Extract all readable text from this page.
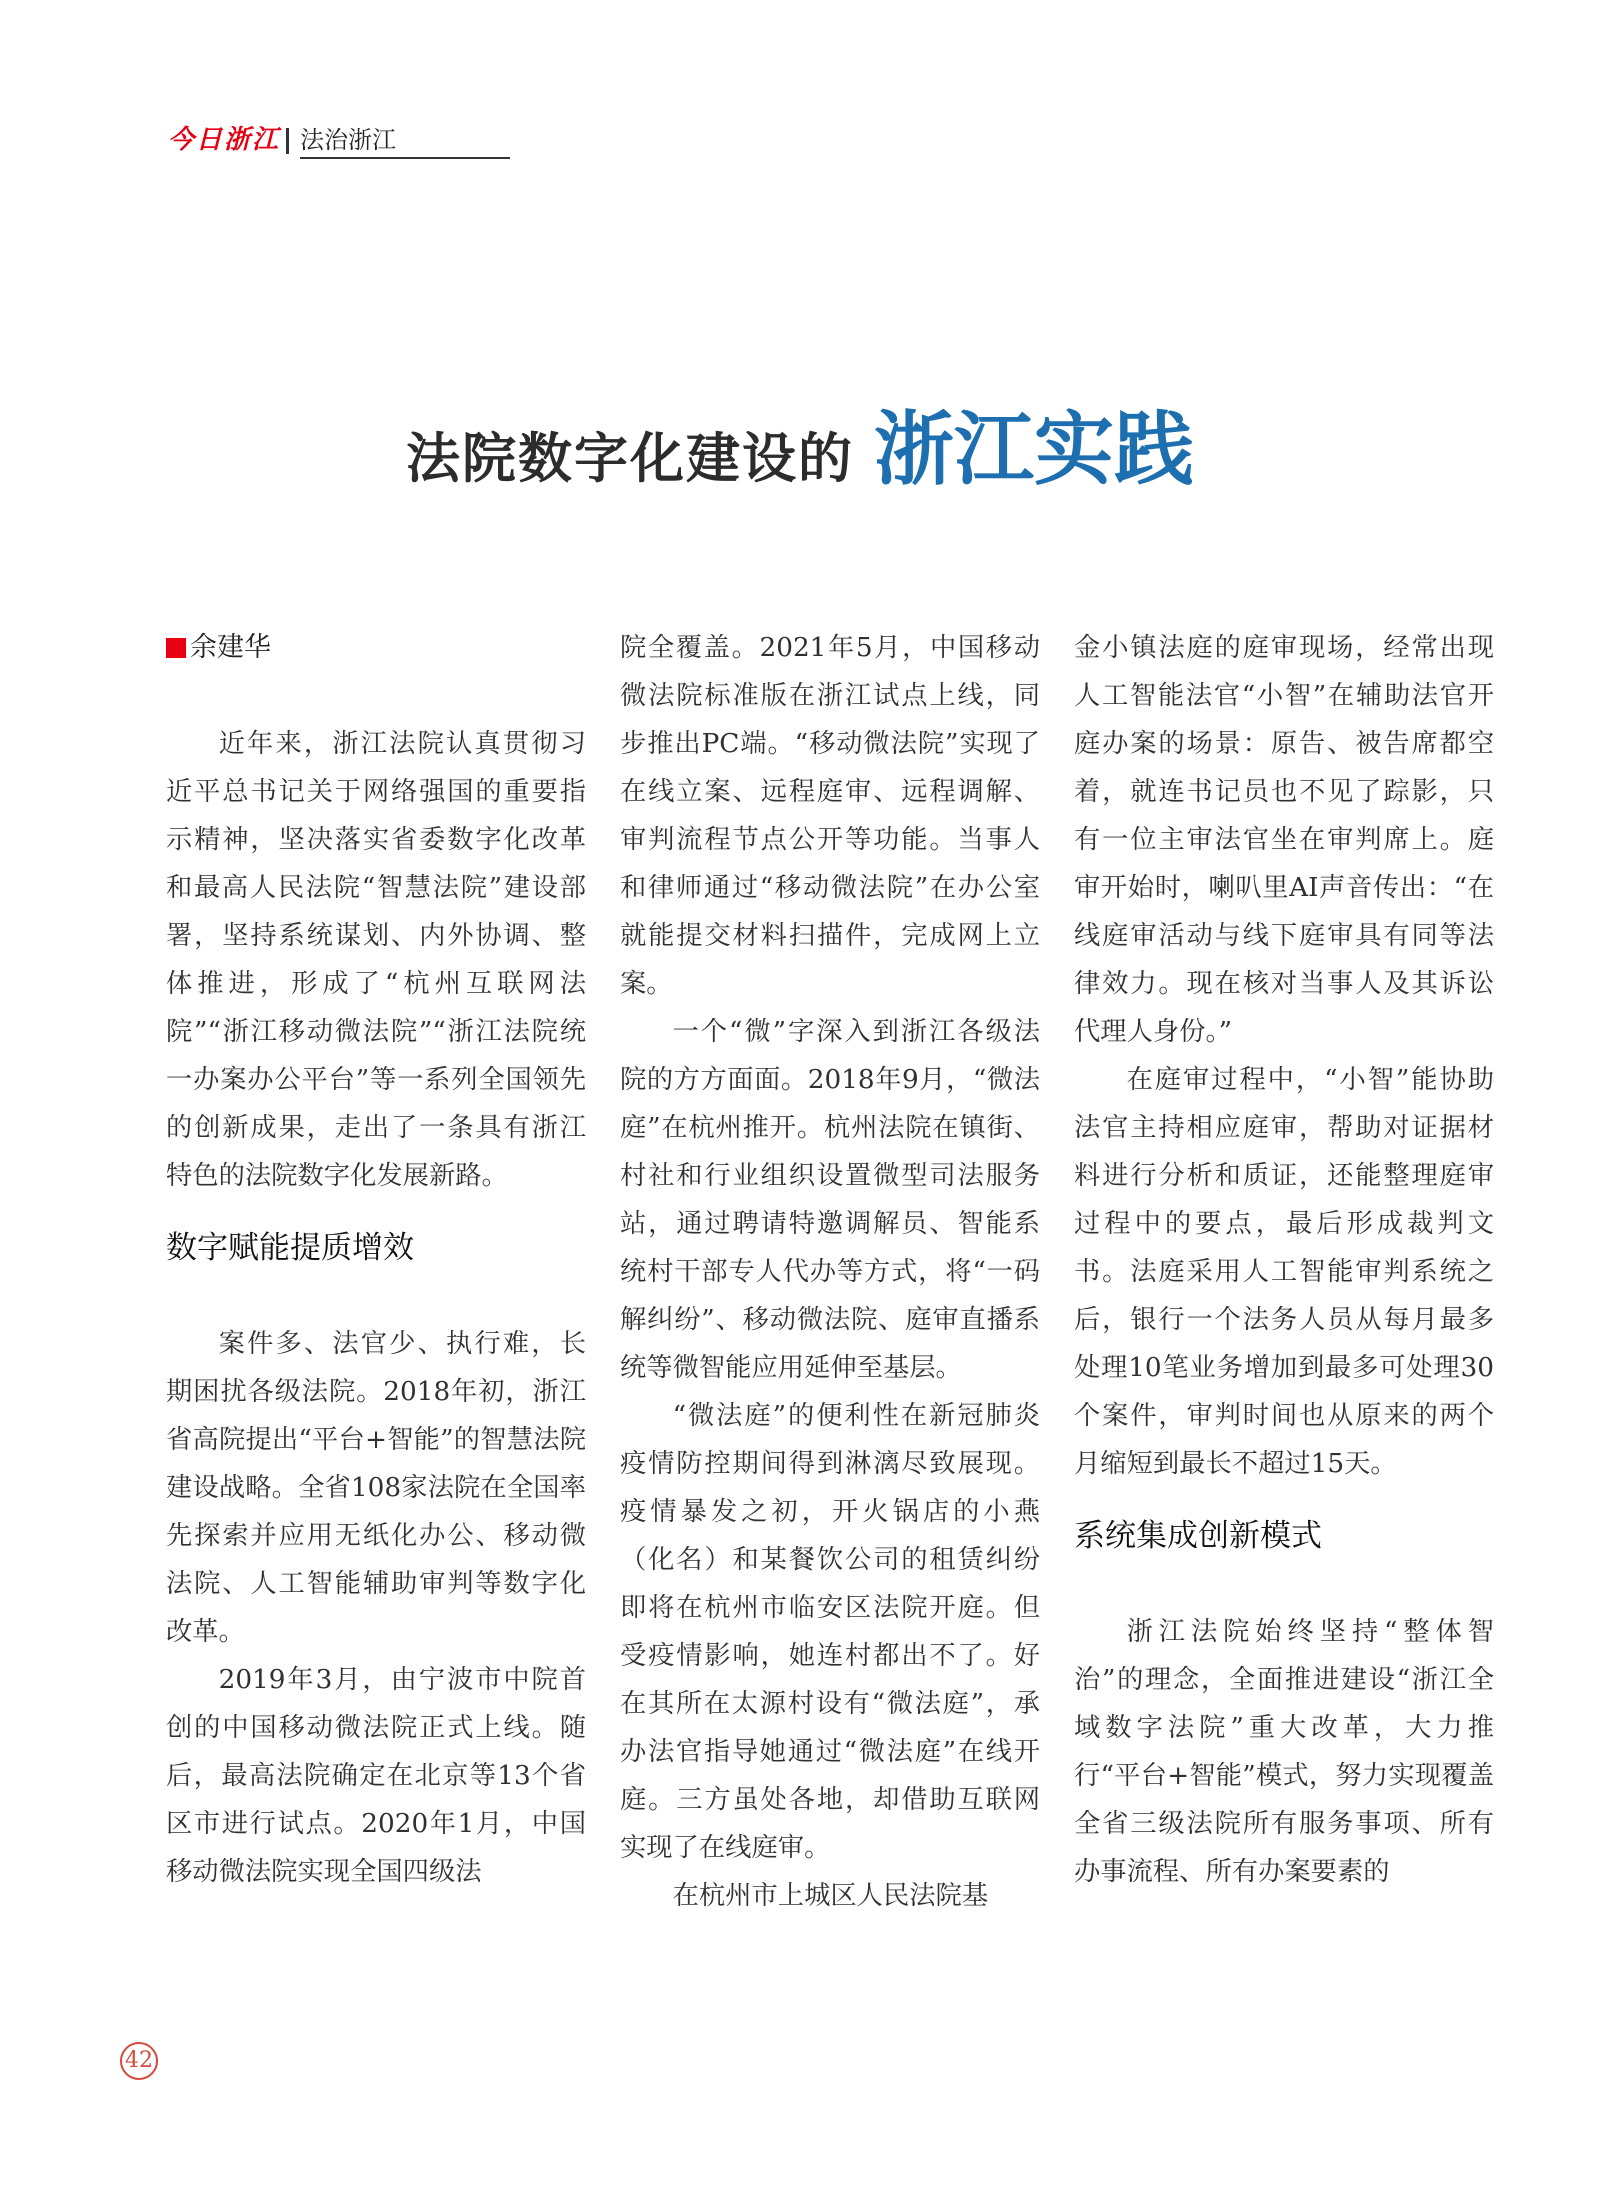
今日浙江 法治浙江
法院数字化建设的 浙江实践
余建华

近年来，浙江法院认真贯彻习近平总书记关于网络强国的重要指示精神，坚决落实省委数字化改革和最高人民法院“智慧法院”建设部署，坚持系统谋划、内外协调、整体推进，形成了“杭州互联网法院”“浙江移动微法院”“浙江法院统一办案办公平台”等一系列全国领先的创新成果，走出了一条具有浙江特色的法院数字化发展新路。

数字赋能提质增效

案件多、法官少、执行难，长期困扰各级法院。2018年初，浙江省高院提出“平台+智能”的智慧法院建设战略。全省108家法院在全国率先探索并应用无纸化办公、移动微法院、人工智能辅助审判等数字化改革。

2019年3月，由宁波市中院首创的中国移动微法院正式上线。随后，最高法院确定在北京等13个省区市进行试点。2020年1月，中国移动微法院实现全国四级法

院全覆盖。2021年5月，中国移动微法院标准版在浙江试点上线，同步推出PC端。“移动微法院”实现了在线立案、远程庭审、远程调解、审判流程节点公开等功能。当事人和律师通过“移动微法院”在办公室就能提交材料扫描件，完成网上立案。

一个“微”字深入到浙江各级法院的方方面面。2018年9月，“微法庭”在杭州推开。杭州法院在镇街、村社和行业组织设置微型司法服务站，通过聘请特邀调解员、智能系统村干部专人代办等方式，将“一码解纠纷”、移动微法院、庭审直播系统等微智能应用延伸至基层。

“微法庭”的便利性在新冠肺炎疫情防控期间得到淋漓尽致展现。疫情暴发之初，开火锅店的小燕（化名）和某餐饮公司的租赁纠纷即将在杭州市临安区法院开庭。但受疫情影响，她连村都出不了。好在其所在太源村设有“微法庭”，承办法官指导她通过“微法庭”在线开庭。三方虽处各地，却借助互联网实现了在线庭审。

在杭州市上城区人民法院基

金小镇法庭的庭审现场，经常出现人工智能法官“小智”在辅助法官开庭办案的场景：原告、被告席都空着，就连书记员也不见了踪影，只有一位主审法官坐在审判席上。庭审开始时，喇叭里AI声音传出：“在线庭审活动与线下庭审具有同等法律效力。现在核对当事人及其诉讼代理人身份。”

在庭审过程中，“小智”能协助法官主持相应庭审，帮助对证据材料进行分析和质证，还能整理庭审过程中的要点，最后形成裁判文书。法庭采用人工智能审判系统之后，银行一个法务人员从每月最多处理10笔业务增加到最多可处理30个案件，审判时间也从原来的两个月缩短到最长不超过15天。

系统集成创新模式

浙江法院始终坚持“整体智治”的理念，全面推进建设“浙江全域数字法院”重大改革，大力推行“平台+智能”模式，努力实现覆盖全省三级法院所有服务事项、所有办事流程、所有办案要素的

42
